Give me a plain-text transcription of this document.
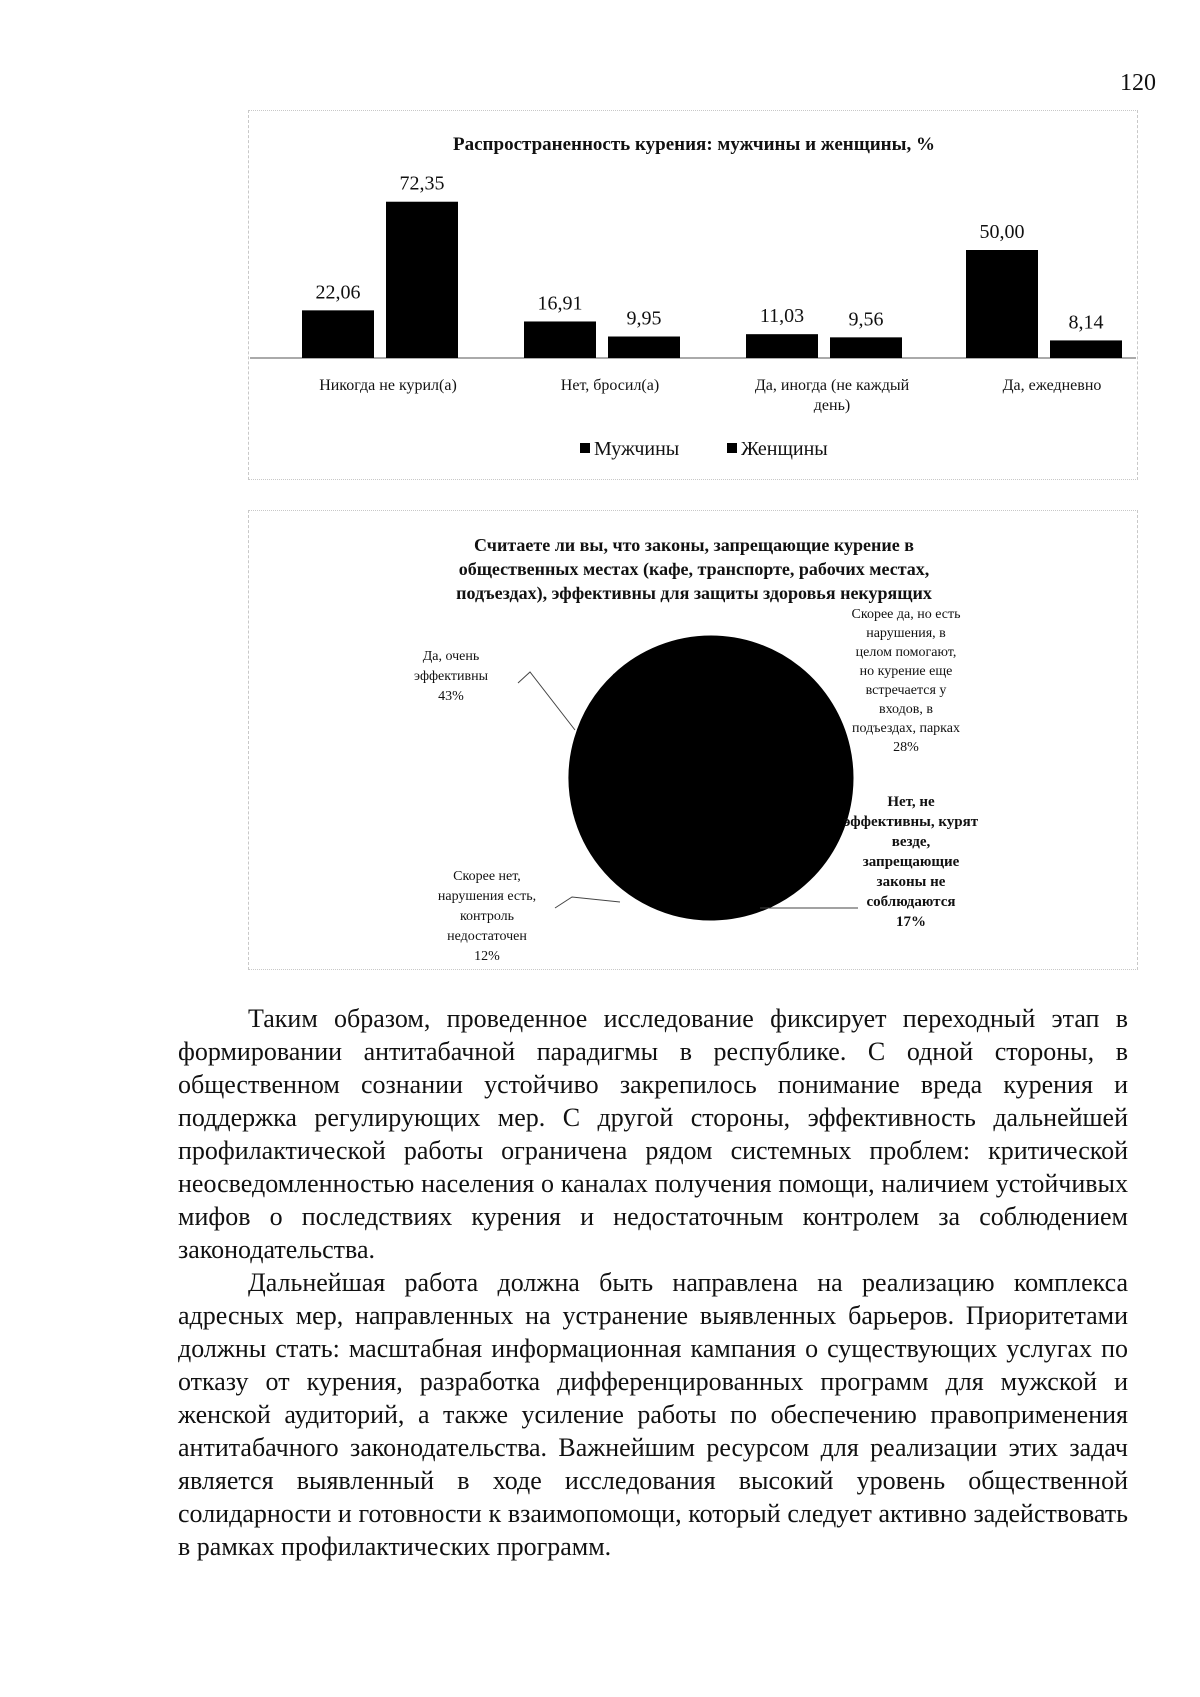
120
Распространенность курения: мужчины и женщины, %
22,06
72,35
Никогда не курил(а)
16,91
9,95
Нет, бросил(а)
11,03 9,56
Да, иногда (не каждый
день)
50,00
8,14
Да, ежедневно
Мужчины	Женщины
Считаете ли вы, что законы, запрещающие курение в
общественных местах (кафе, транспорте, рабочих местах,
подъездах), эффективны для защиты здоровья некурящих
Да, очень
эффективны
43%
Скорее да, но есть
нарушения, в
целом помогают,
но курение еще
встречается у
входов, в
подъездах, парках
28%
Нет, не
эффективны, курят
везде,
запрещающие
законы не
соблюдаются
17%
Скорее нет,
нарушения есть,
контроль
недостаточен
12%

Таким образом, проведенное исследование фиксирует переходный этап в формировании антитабачной парадигмы в республике. С одной стороны, в общественном сознании устойчиво закрепилось понимание вреда курения и поддержка регулирующих мер. С другой стороны, эффективность дальнейшей профилактической работы ограничена рядом системных проблем: критической неосведомленностью населения о каналах получения помощи, наличием устойчивых мифов о последствиях курения и недостаточным контролем за соблюдением законодательства.

Дальнейшая работа должна быть направлена на реализацию комплекса адресных мер, направленных на устранение выявленных барьеров. Приоритетами должны стать: масштабная информационная кампания о существующих услугах по отказу от курения, разработка дифференцированных программ для мужской и женской аудиторий, а также усиление работы по обеспечению правоприменения антитабачного законодательства. Важнейшим ресурсом для реализации этих задач является выявленный в ходе исследования высокий уровень общественной солидарности и готовности к взаимопомощи, который следует активно задействовать в рамках профилактических программ.
